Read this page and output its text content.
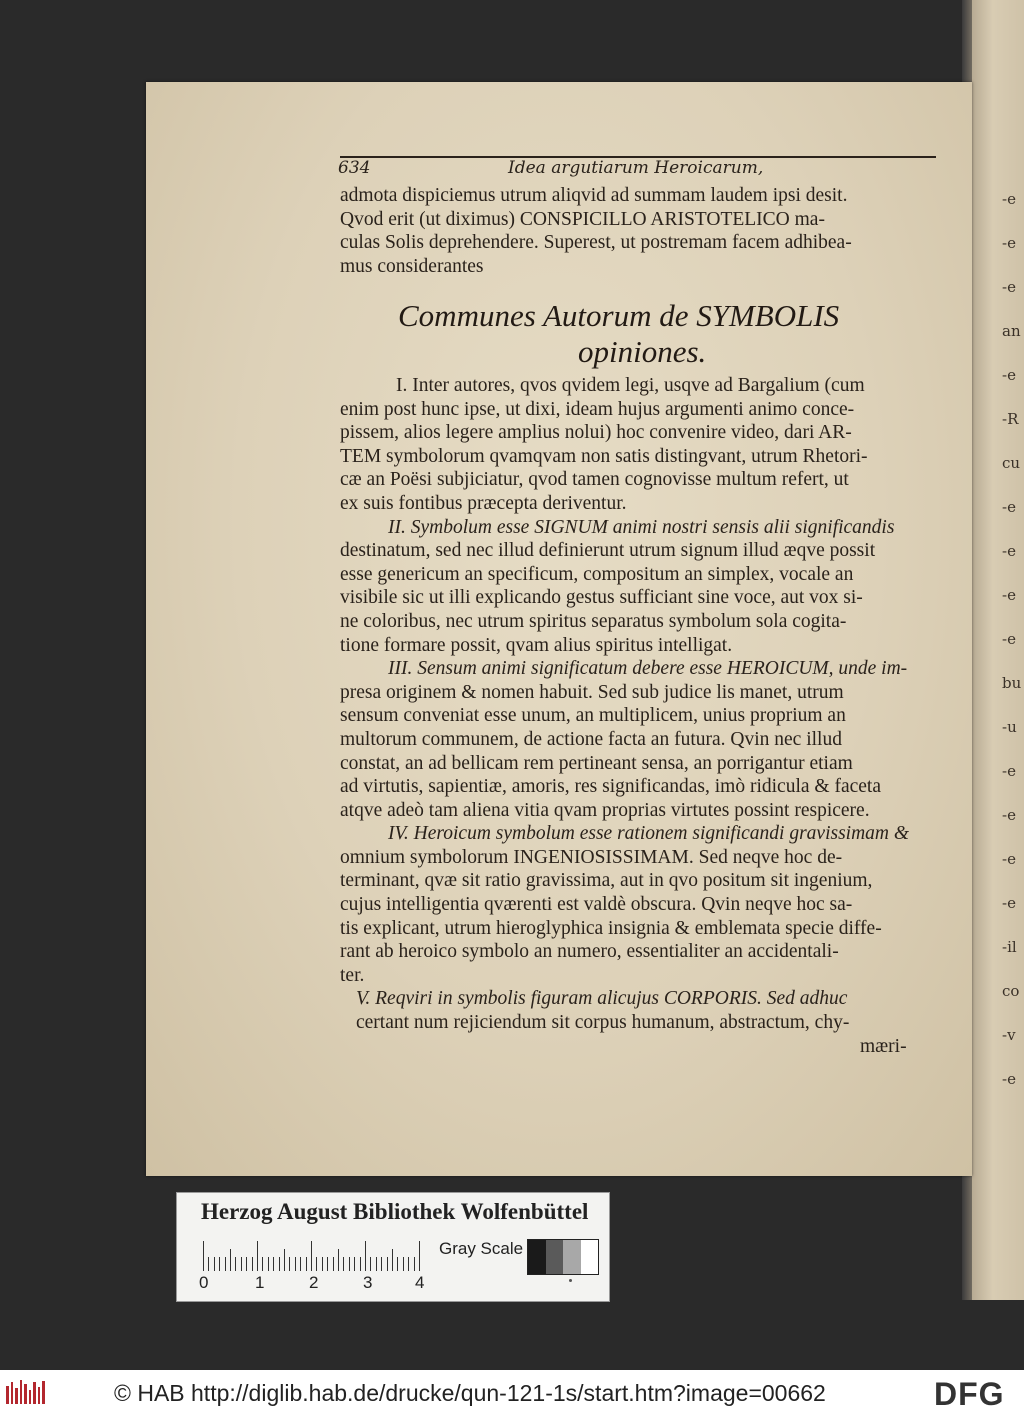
-e
-e
-e
an
-e
-R
cu
-e
-e
-e
-e
bu
-u
-e
-e
-e
-e
-il
co
-v
-e
634	Idea argutiarum Heroicarum,
admota dispiciemus utrum aliqvid ad summam laudem ipsi desit.
Qvod erit (ut diximus) CONSPICILLO ARISTOTELICO ma-
culas Solis deprehendere. Superest, ut postremam facem adhibea-
mus considerantes
Communes Autorum de SYMBOLIS
opiniones.
I. Inter autores, qvos qvidem legi, usqve ad Bargalium (cum
enim post hunc ipse, ut dixi, ideam hujus argumenti animo conce-
pissem, alios legere amplius nolui) hoc convenire video, dari AR-
TEM symbolorum qvamqvam non satis distingvant, utrum Rhetori-
cæ an Poësi subjiciatur, qvod tamen cognovisse multum refert, ut
ex suis fontibus præcepta deriventur.
II. Symbolum esse SIGNUM animi nostri sensis alii significandis
destinatum, sed nec illud definierunt utrum signum illud æqve possit
esse genericum an specificum, compositum an simplex, vocale an
visibile sic ut illi explicando gestus sufficiant sine voce, aut vox si-
ne coloribus, nec utrum spiritus separatus symbolum sola cogita-
tione formare possit, qvam alius spiritus intelligat.
III. Sensum animi significatum debere esse HEROICUM, unde im-
presa originem & nomen habuit. Sed sub judice lis manet, utrum
sensum conveniat esse unum, an multiplicem, unius proprium an
multorum communem, de actione facta an futura. Qvin nec illud
constat, an ad bellicam rem pertineant sensa, an porrigantur etiam
ad virtutis, sapientiæ, amoris, res significandas, imò ridicula & faceta
atqve adeò tam aliena vitia qvam proprias virtutes possint respicere.
IV. Heroicum symbolum esse rationem significandi gravissimam &
omnium symbolorum INGENIOSISSIMAM. Sed neqve hoc de-
terminant, qvæ sit ratio gravissima, aut in qvo positum sit ingenium,
cujus intelligentia qværenti est valdè obscura. Qvin neqve hoc sa-
tis explicant, utrum hieroglyphica insignia & emblemata specie diffe-
rant ab heroico symbolo an numero, essentialiter an accidentali-
ter.
V. Reqviri in symbolis figuram alicujus CORPORIS. Sed adhuc
certant num rejiciendum sit corpus humanum, abstractum, chy-
mæri-
Herzog August Bibliothek Wolfenbüttel
0	1	2	3	4
Gray Scale
© HAB http://diglib.hab.de/drucke/qun-121-1s/start.htm?image=00662	DFG
